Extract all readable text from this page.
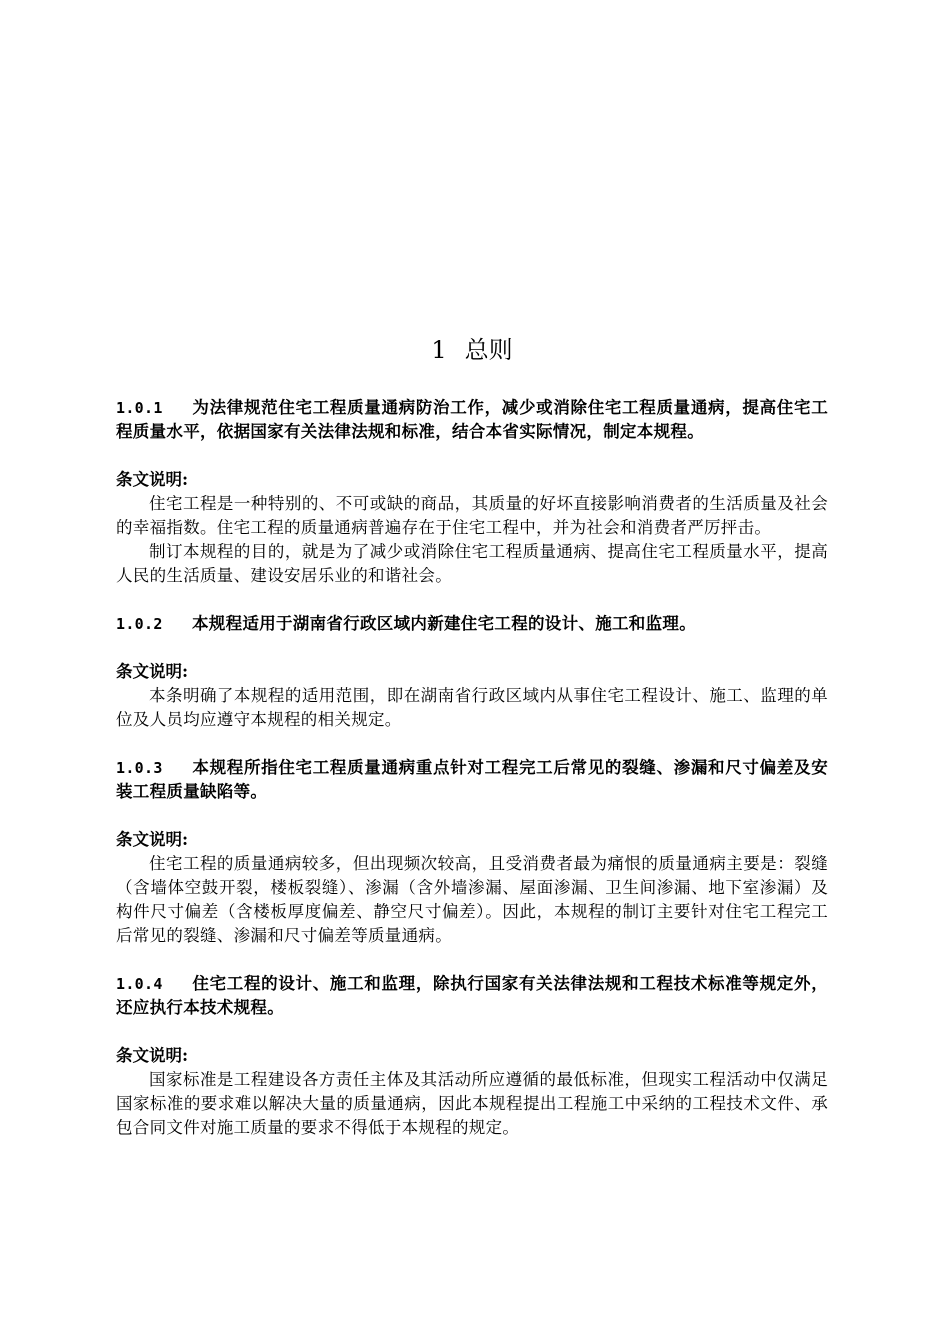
1 总则

1.0.1 为法律规范住宅工程质量通病防治工作，减少或消除住宅工程质量通病，提高住宅工程质量水平，依据国家有关法律法规和标准，结合本省实际情况，制定本规程。

条文说明:

住宅工程是一种特别的、不可或缺的商品，其质量的好坏直接影响消费者的生活质量及社会的幸福指数。住宅工程的质量通病普遍存在于住宅工程中，并为社会和消费者严厉抨击。

制订本规程的目的，就是为了减少或消除住宅工程质量通病、提高住宅工程质量水平，提高人民的生活质量、建设安居乐业的和谐社会。

1.0.2 本规程适用于湖南省行政区域内新建住宅工程的设计、施工和监理。

条文说明:

本条明确了本规程的适用范围，即在湖南省行政区域内从事住宅工程设计、施工、监理的单位及人员均应遵守本规程的相关规定。

1.0.3 本规程所指住宅工程质量通病重点针对工程完工后常见的裂缝、渗漏和尺寸偏差及安装工程质量缺陷等。

条文说明:

住宅工程的质量通病较多，但出现频次较高，且受消费者最为痛恨的质量通病主要是：裂缝（含墙体空鼓开裂，楼板裂缝）、渗漏（含外墙渗漏、屋面渗漏、卫生间渗漏、地下室渗漏）及构件尺寸偏差（含楼板厚度偏差、静空尺寸偏差）。因此，本规程的制订主要针对住宅工程完工后常见的裂缝、渗漏和尺寸偏差等质量通病。

1.0.4 住宅工程的设计、施工和监理，除执行国家有关法律法规和工程技术标准等规定外，还应执行本技术规程。

条文说明:

国家标准是工程建设各方责任主体及其活动所应遵循的最低标准，但现实工程活动中仅满足国家标准的要求难以解决大量的质量通病，因此本规程提出工程施工中采纳的工程技术文件、承包合同文件对施工质量的要求不得低于本规程的规定。
